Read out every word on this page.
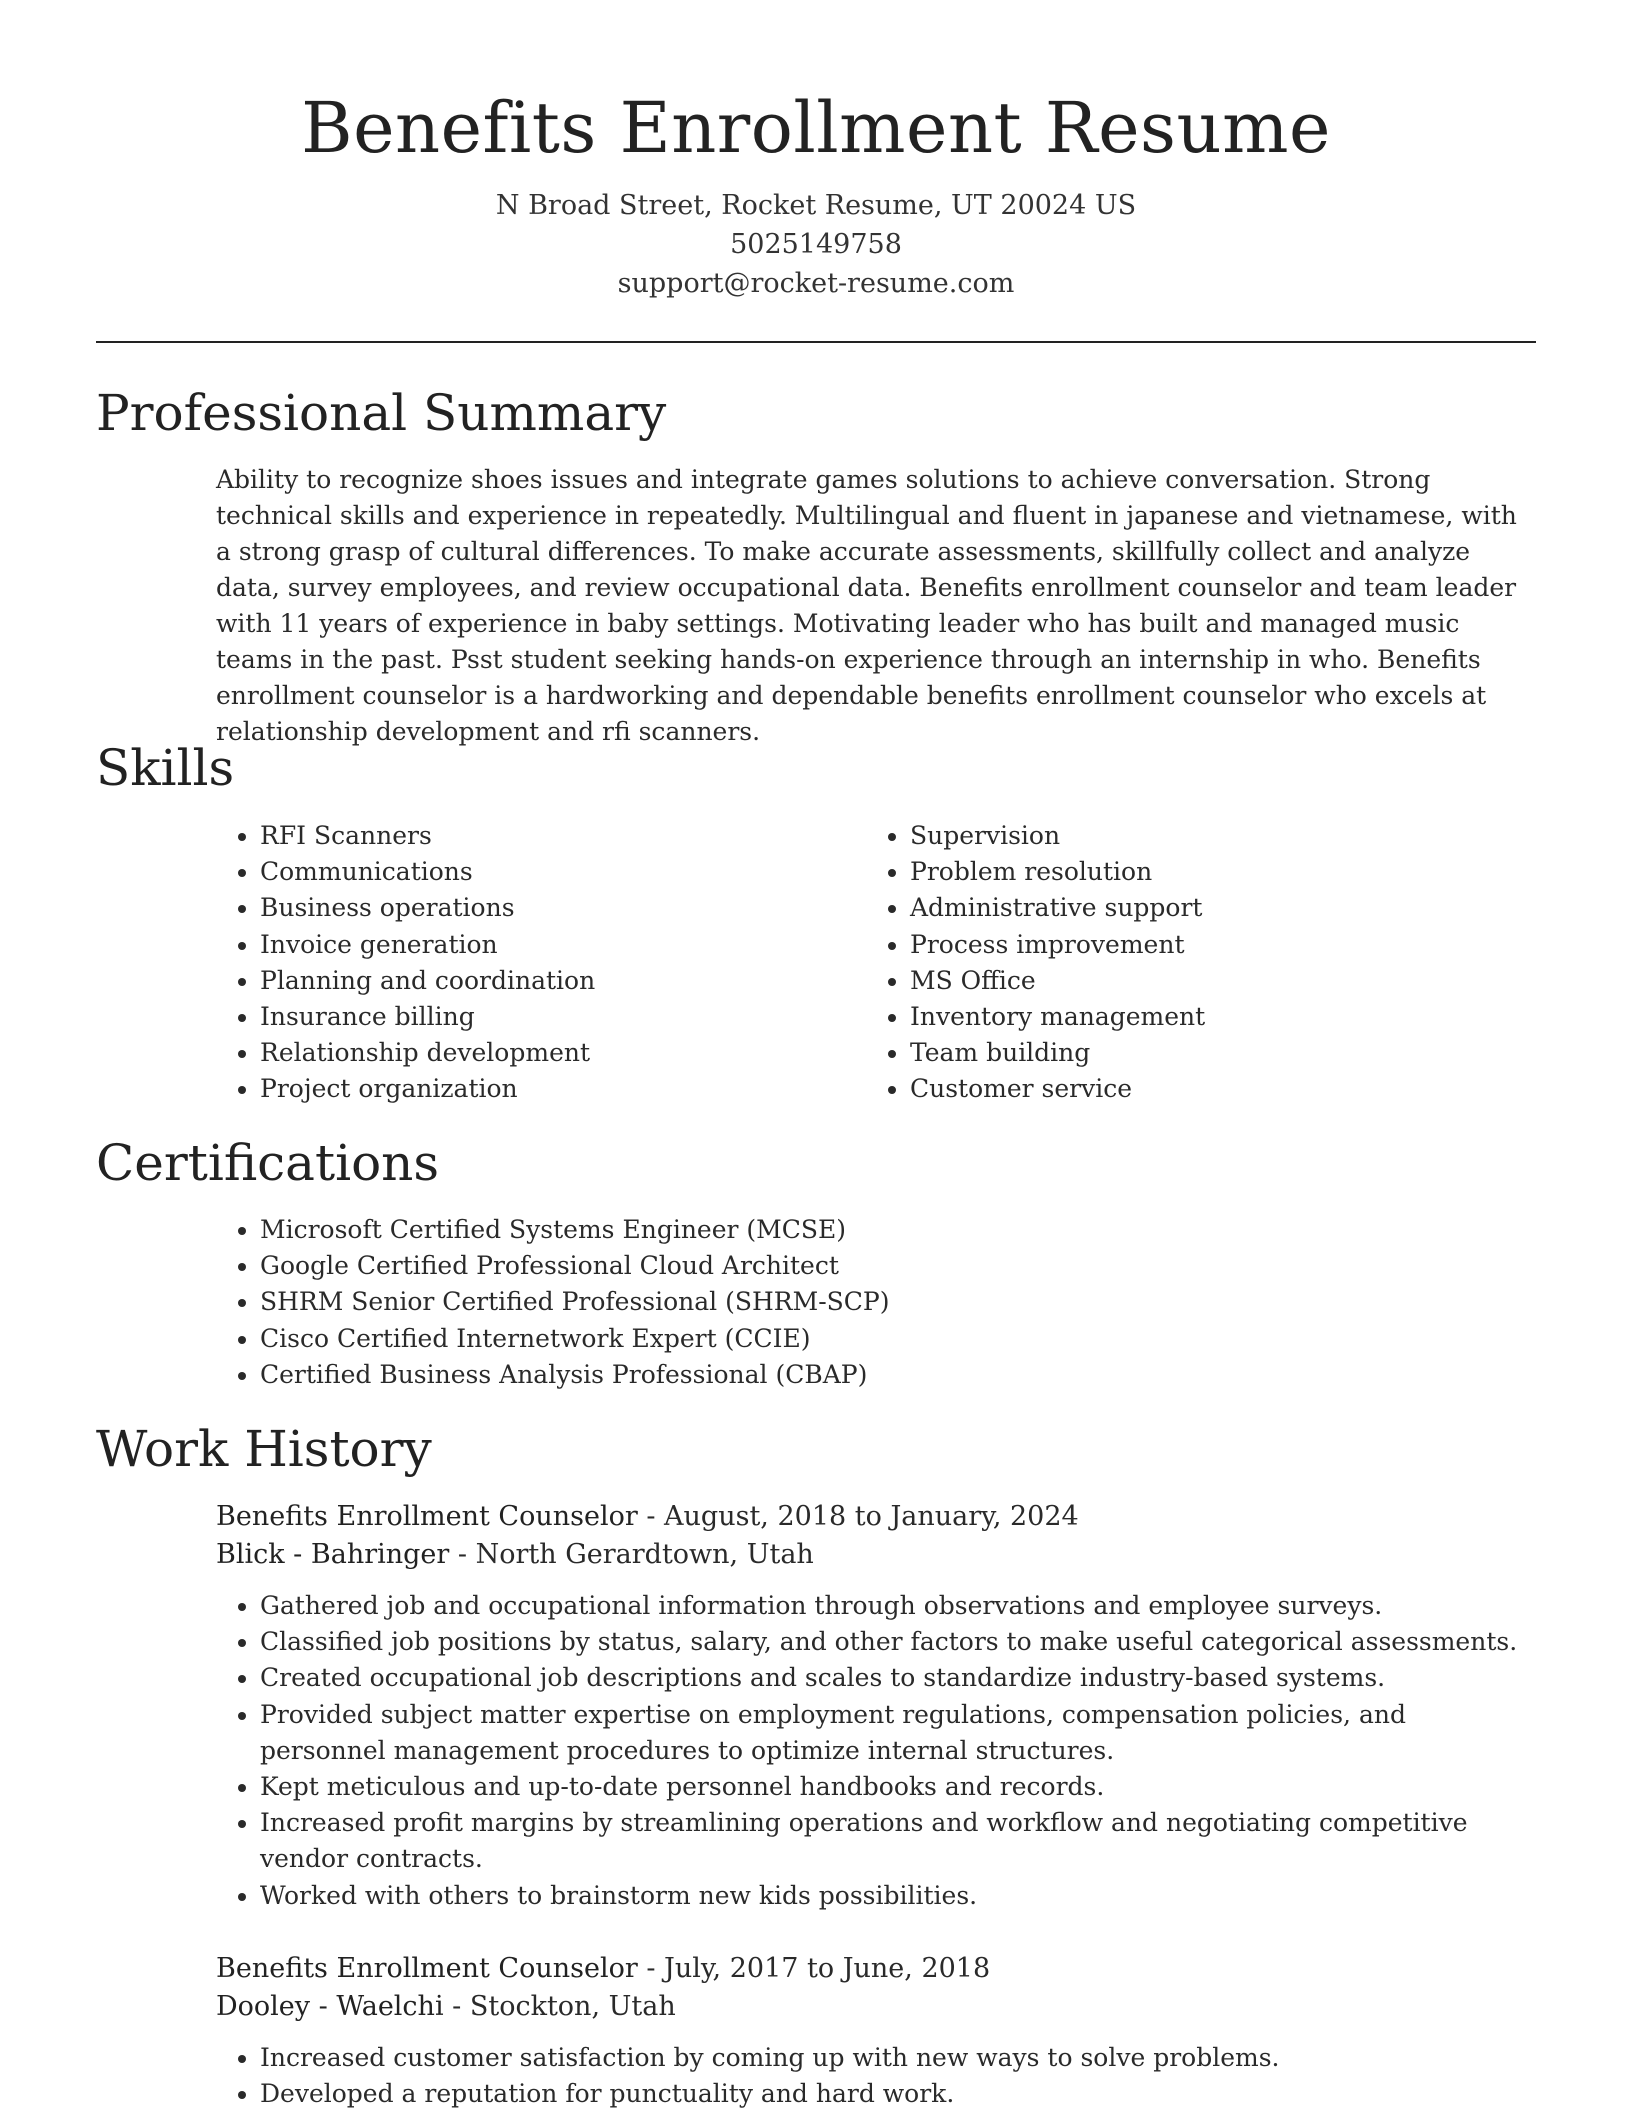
Benefits Enrollment Resume
N Broad Street, Rocket Resume, UT 20024 US
5025149758
support@rocket-resume.com
Professional Summary

Ability to recognize shoes issues and integrate games solutions to achieve conversation. Strong technical skills and experience in repeatedly. Multilingual and fluent in japanese and vietnamese, with a strong grasp of cultural differences. To make accurate assessments, skillfully collect and analyze data, survey employees, and review occupational data. Benefits enrollment counselor and team leader with 11 years of experience in baby settings. Motivating leader who has built and managed music teams in the past. Psst student seeking hands-on experience through an internship in who. Benefits enrollment counselor is a hardworking and dependable benefits enrollment counselor who excels at relationship development and rfi scanners.

Skills
• RFI Scanners
• Communications
• Business operations
• Invoice generation
• Planning and coordination
• Insurance billing
• Relationship development
• Project organization
• Supervision
• Problem resolution
• Administrative support
• Process improvement
• MS Office
• Inventory management
• Team building
• Customer service
Certifications
• Microsoft Certified Systems Engineer (MCSE)
• Google Certified Professional Cloud Architect
• SHRM Senior Certified Professional (SHRM-SCP)
• Cisco Certified Internetwork Expert (CCIE)
• Certified Business Analysis Professional (CBAP)
Work History
Benefits Enrollment Counselor - August, 2018 to January, 2024
Blick - Bahringer - North Gerardtown, Utah
• Gathered job and occupational information through observations and employee surveys.
• Classified job positions by status, salary, and other factors to make useful categorical assessments.
• Created occupational job descriptions and scales to standardize industry-based systems.
• Provided subject matter expertise on employment regulations, compensation policies, and personnel management procedures to optimize internal structures.
• Kept meticulous and up-to-date personnel handbooks and records.
• Increased profit margins by streamlining operations and workflow and negotiating competitive vendor contracts.
• Worked with others to brainstorm new kids possibilities.
Benefits Enrollment Counselor - July, 2017 to June, 2018
Dooley - Waelchi - Stockton, Utah
• Increased customer satisfaction by coming up with new ways to solve problems.
• Developed a reputation for punctuality and hard work.
